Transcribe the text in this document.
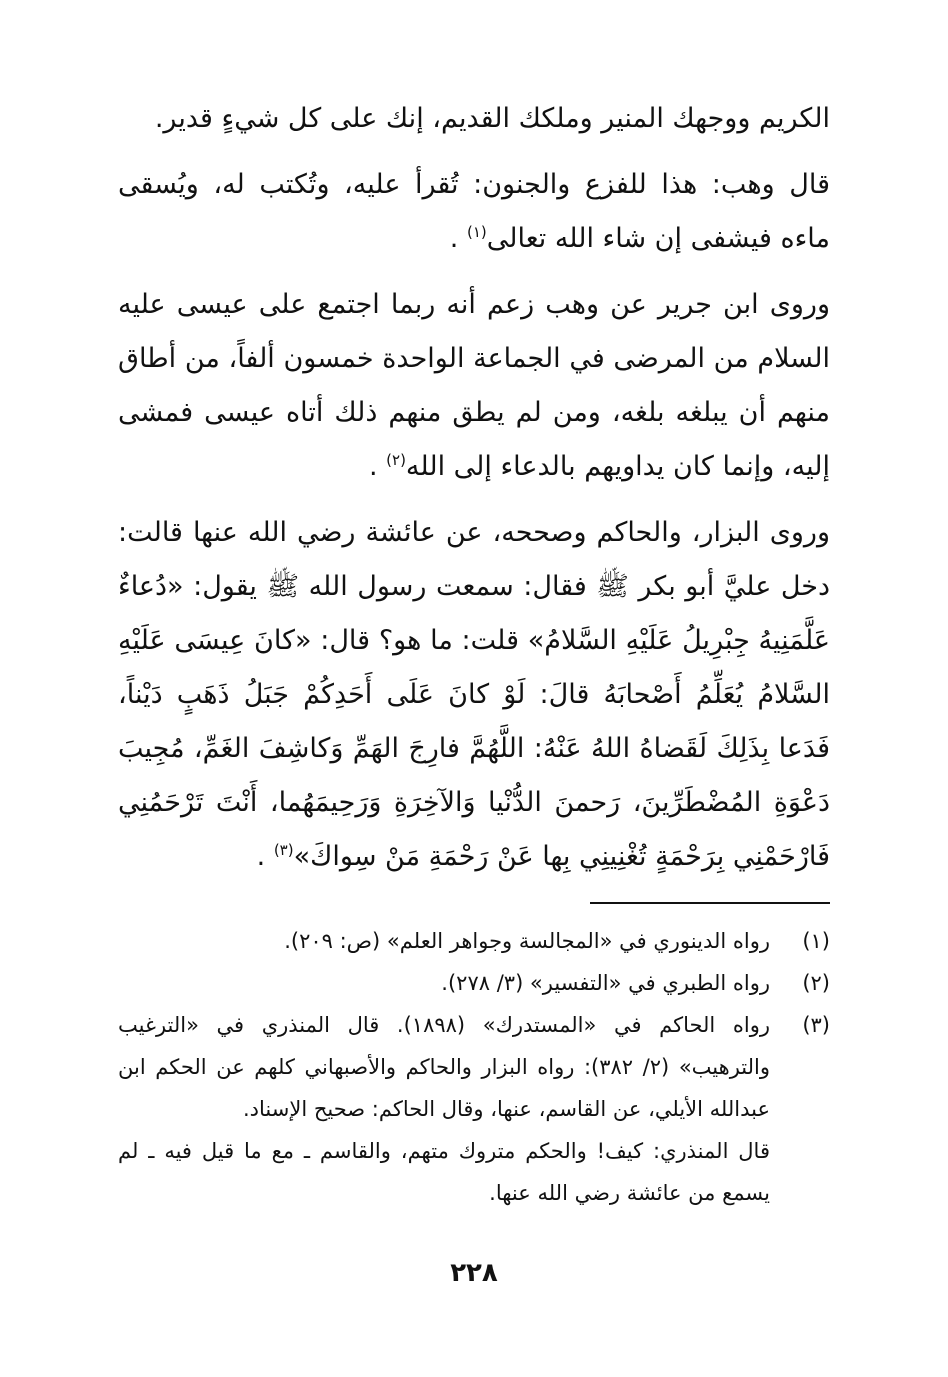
الكريم ووجهك المنير وملكك القديم، إنك على كل شيءٍ قدير.

قال وهب: هذا للفزع والجنون: تُقرأ عليه، وتُكتب له، ويُسقى ماءه فيشفى إن شاء الله تعالى$^{(١)}$ .

وروى ابن جرير عن وهب زعم أنه ربما اجتمع على عيسى عليه السلام من المرضى في الجماعة الواحدة خمسون ألفاً، من أطاق منهم أن يبلغه بلغه، ومن لم يطق منهم ذلك أتاه عيسى فمشى إليه، وإنما كان يداويهم بالدعاء إلى الله$^{(٢)}$ .

وروى البزار، والحاكم وصححه، عن عائشة رضي الله عنها قالت: دخل عليَّ أبو بكر ﷺ فقال: سمعت رسول الله ﷺ يقول: «دُعاءٌ عَلَّمَنِيهُ جِبْرِيلُ عَلَيْهِ السَّلامُ» قلت: ما هو؟ قال: «كانَ عِيسَى عَلَيْهِ السَّلامُ يُعَلِّمُ أَصْحابَهُ قالَ: لَوْ كانَ عَلَى أَحَدِكُمْ جَبَلُ ذَهَبٍ دَيْناً، فَدَعا بِذَلِكَ لَقَضاهُ اللهُ عَنْهُ: اللَّهُمَّ فارِجَ الهَمِّ وَكاشِفَ الغَمِّ، مُجِيبَ دَعْوَةِ المُضْطَرِّينَ، رَحمنَ الدُّنْيا وَالآخِرَةِ وَرَحِيمَهُما، أَنْتَ تَرْحَمُنِي فَارْحَمْنِي بِرَحْمَةٍ تُغْنِينِي بِها عَنْ رَحْمَةِ مَنْ سِواكَ»$^{(٣)}$ .

(١)
رواه الدينوري في «المجالسة وجواهر العلم» (ص: ٢٠٩).
(٢)
رواه الطبري في «التفسير» (٣/ ٢٧٨).
(٣)
رواه الحاكم في «المستدرك» (١٨٩٨). قال المنذري في «الترغيب والترهيب» (٢/ ٣٨٢): رواه البزار والحاكم والأصبهاني كلهم عن الحكم ابن عبدالله الأيلي، عن القاسم، عنها، وقال الحاكم: صحيح الإسناد.
قال المنذري: كيف! والحكم متروك متهم، والقاسم ـ مع ما قيل فيه ـ لم يسمع من عائشة رضي الله عنها.
٢٢٨
